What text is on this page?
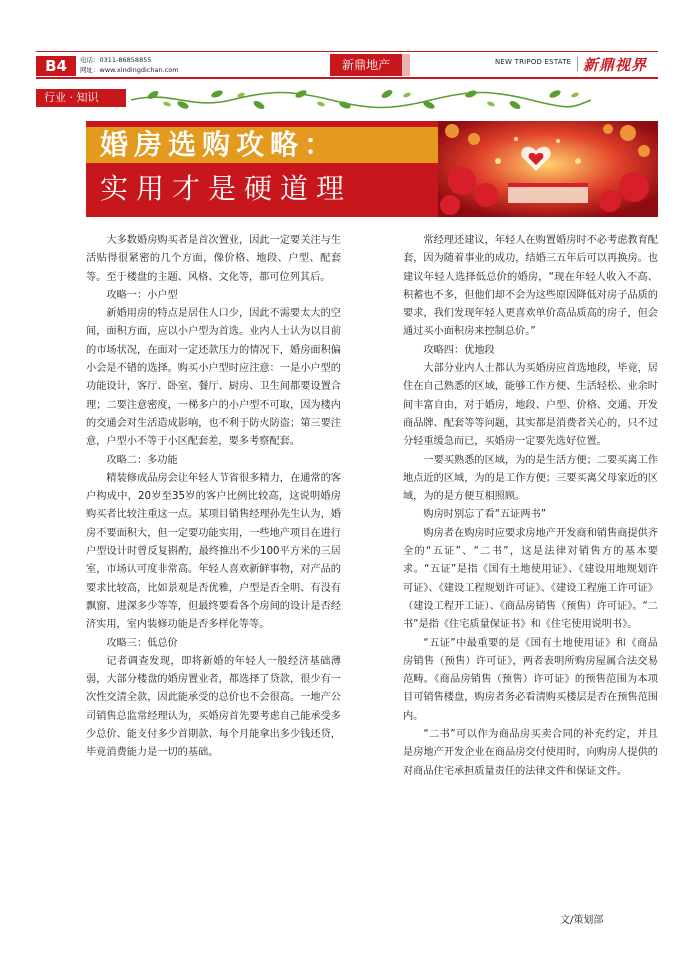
B4	电话：0311-86858855
网址：www.xindingdichan.com	新鼎地产	NEW TRIPOD ESTATE 新鼎视界
行业 · 知识
婚房选购攻略：
实用才是硬道理

大多数婚房购买者是首次置业，因此一定要关注与生活贴得很紧密的几个方面，像价格、地段、户型、配套等。至于楼盘的主题、风格、文化等，都可位列其后。

攻略一：小户型

新婚用房的特点是居住人口少，因此不需要太大的空间，面积方面，应以小户型为首选。业内人士认为以目前的市场状况，在面对一定还款压力的情况下，婚房面积偏小会是不错的选择。购买小户型时应注意：一是小户型的功能设计，客厅、卧室、餐厅、厨房、卫生间都要设置合理；二要注意密度，一梯多户的小户型不可取，因为楼内的交通会对生活造成影响，也不利于防火防盗；第三要注意，户型小不等于小区配套差，要多考察配套。

攻略二：多功能

精装修成品房会让年轻人节省很多精力，在通常的客户构成中，20岁至35岁的客户比例比较高，这说明婚房购买者比较注重这一点。某项目销售经理孙先生认为，婚房不要面积大，但一定要功能实用，一些地产项目在进行户型设计时曾反复斟酌，最终推出不少100平方米的三居室，市场认可度非常高。年轻人喜欢新鲜事物，对产品的要求比较高，比如景观是否优雅，户型是否全明、有没有飘窗、进深多少等等，但最终要看各个房间的设计是否经济实用，室内装修功能是否多样化等等。

攻略三：低总价

记者调查发现，即将新婚的年轻人一般经济基础薄弱，大部分楼盘的婚房置业者，都选择了贷款，很少有一次性交清全款，因此能承受的总价也不会很高。一地产公司销售总监常经理认为，买婚房首先要考虑自己能承受多少总价、能支付多少首期款、每个月能拿出多少钱还贷，毕竟消费能力是一切的基础。

常经理还建议，年轻人在购置婚房时不必考虑教育配套，因为随着事业的成功，结婚三五年后可以再换房。也建议年轻人选择低总价的婚房，“现在年轻人收入不高、积蓄也不多，但他们却不会为这些原因降低对房子品质的要求，我们发现年轻人更喜欢单价高品质高的房子，但会通过买小面积房来控制总价。”

攻略四：优地段

大部分业内人士都认为买婚房应首选地段，毕竟，居住在自己熟悉的区域，能够工作方便、生活轻松、业余时间丰富自由，对于婚房，地段、户型、价格、交通、开发商品牌、配套等等问题，其实都是消费者关心的，只不过分轻重缓急而已，买婚房一定要先选好位置。

一要买熟悉的区域，为的是生活方便；二要买离工作地点近的区域，为的是工作方便；三要买离父母家近的区域，为的是方便互相照顾。

购房时别忘了看“五证两书”

购房者在购房时应要求房地产开发商和销售商提供齐全的“五证”、“二书”，这是法律对销售方的基本要求。“五证”是指《国有土地使用证》、《建设用地规划许可证》、《建设工程规划许可证》、《建设工程施工许可证》（建设工程开工证）、《商品房销售（预售）许可证》。“二书”是指《住宅质量保证书》和《住宅使用说明书》。

“五证”中最重要的是《国有土地使用证》和《商品房销售（预售）许可证》，两者表明所购房屋属合法交易范畴。《商品房销售（预售）许可证》的预售范围为本项目可销售楼盘，购房者务必看清购买楼层是否在预售范围内。

“二书”可以作为商品房买卖合同的补充约定，并且是房地产开发企业在商品房交付使用时，向购房人提供的对商品住宅承担质量责任的法律文件和保证文件。

文/策划部
